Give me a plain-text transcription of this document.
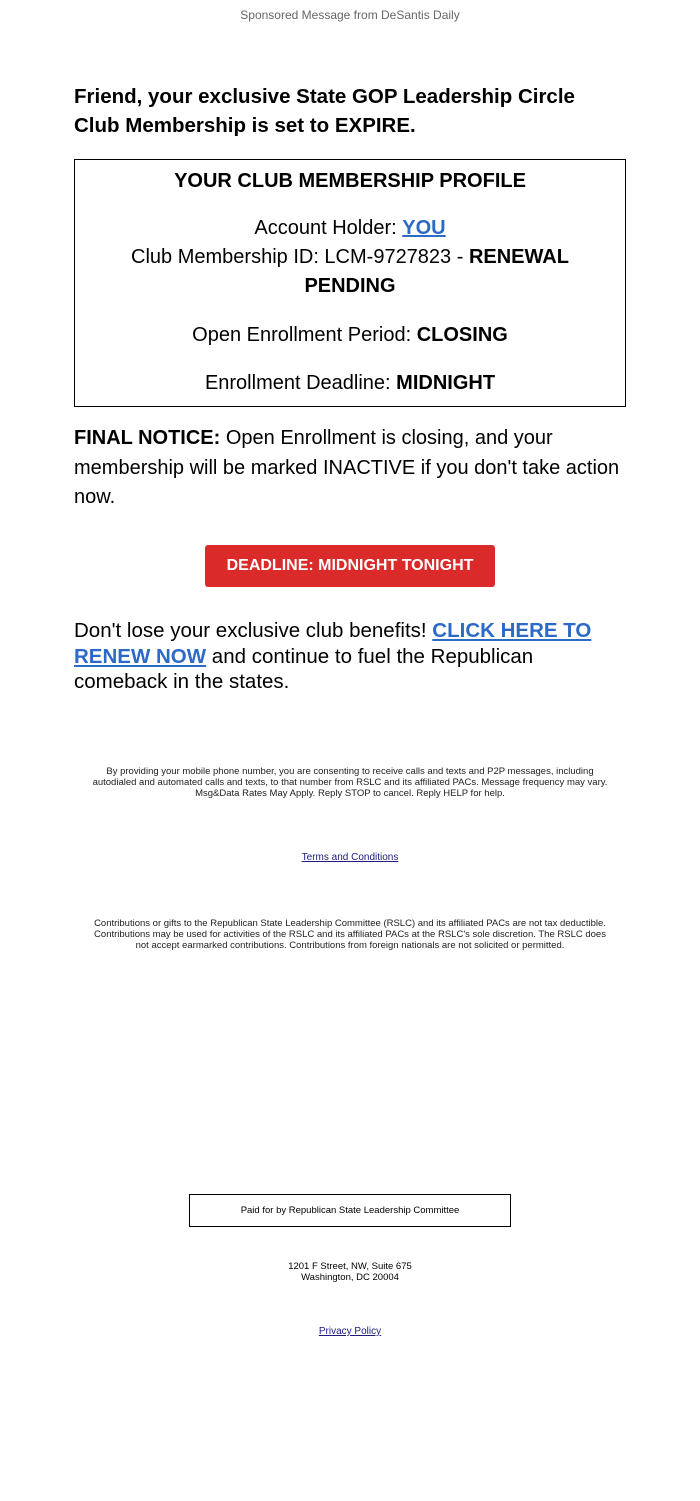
Sponsored Message from DeSantis Daily
Friend, your exclusive State GOP Leadership Circle
Club Membership is set to EXPIRE.
YOUR CLUB MEMBERSHIP PROFILE
Account Holder: YOU
Club Membership ID: LCM-9727823 - RENEWAL
PENDING
Open Enrollment Period: CLOSING
Enrollment Deadline: MIDNIGHT

FINAL NOTICE: Open Enrollment is closing, and your membership will be marked INACTIVE if you don't take action now.

DEADLINE: MIDNIGHT TONIGHT

Don't lose your exclusive club benefits! CLICK HERE TO RENEW NOW and continue to fuel the Republican comeback in the states.

By providing your mobile phone number, you are consenting to receive calls and texts and P2P messages, including
autodialed and automated calls and texts, to that number from RSLC and its affiliated PACs. Message frequency may vary.
Msg&Data Rates May Apply. Reply STOP to cancel. Reply HELP for help.

Terms and Conditions

Contributions or gifts to the Republican State Leadership Committee (RSLC) and its affiliated PACs are not tax deductible.
Contributions may be used for activities of the RSLC and its affiliated PACs at the RSLC's sole discretion. The RSLC does
not accept earmarked contributions. Contributions from foreign nationals are not solicited or permitted.

Paid for by Republican State Leadership Committee
1201 F Street, NW, Suite 675
Washington, DC 20004
Privacy Policy
